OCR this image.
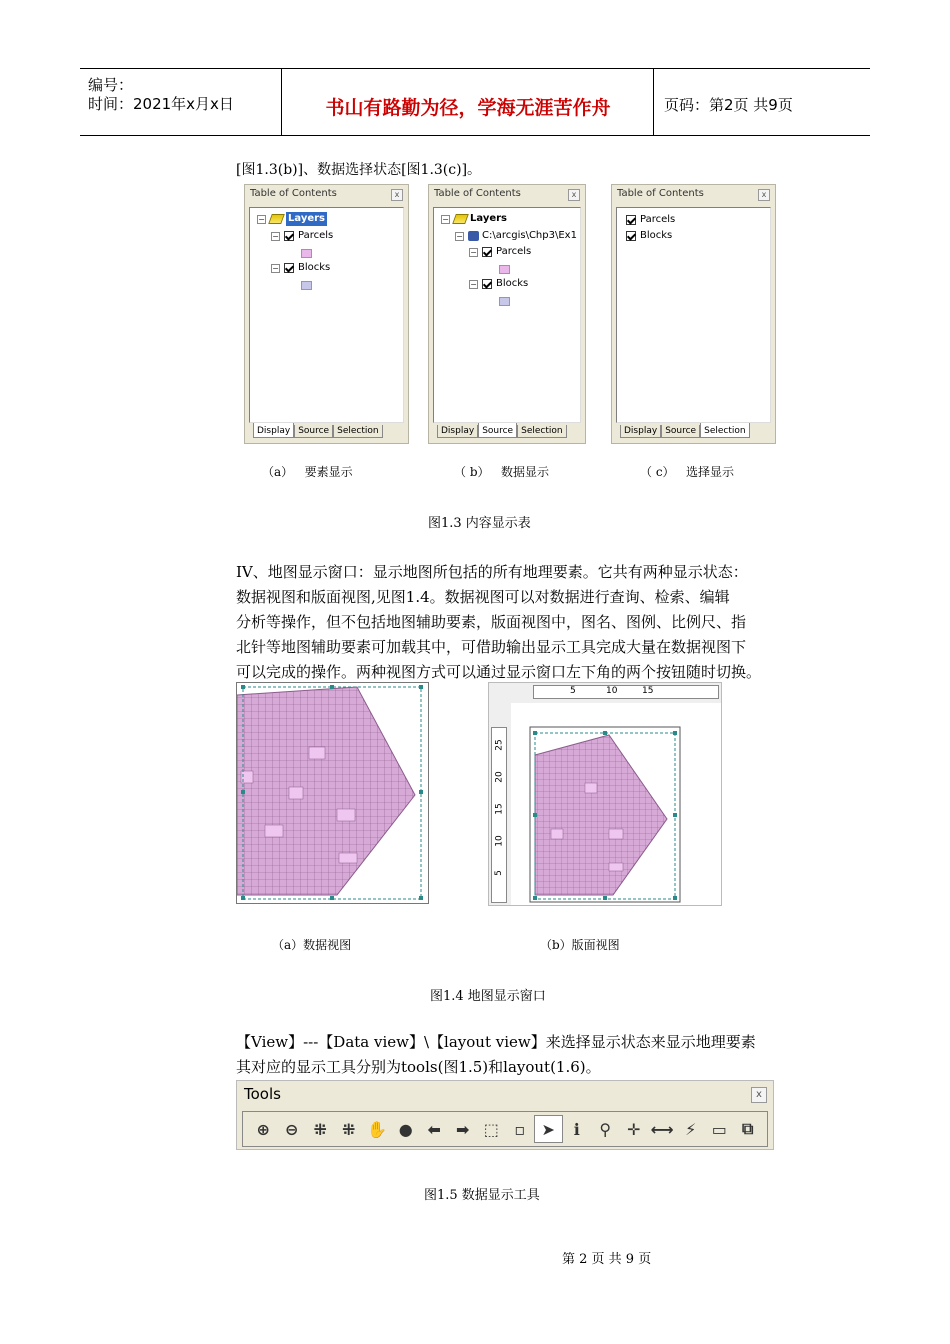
编号：
时间：2021年x月x日	书山有路勤为径，学海无涯苦作舟	页码：第2页 共9页
[图1.3(b)]、数据选择状态[图1.3(c)]。
Table of Contents	x
− Layers
− Parcels
− Blocks
Display Source Selection
Table of Contents	x
− Layers
− C:\arcgis\Chp3\Ex1
− Parcels
− Blocks
Display Source Selection
Table of Contents	x
Parcels
Blocks
Display Source Selection
（a） 要素显示	（ b） 数据显示	（ c） 选择显示
图1.3 内容显示表
IV、地图显示窗口：显示地图所包括的所有地理要素。它共有两种显示状态：
数据视图和版面视图,见图1.4。数据视图可以对数据进行查询、检索、编辑
分析等操作，但不包括地图辅助要素，版面视图中，图名、图例、比例尺、指
北针等地图辅助要素可加载其中，可借助输出显示工具完成大量在数据视图下
可以完成的操作。两种视图方式可以通过显示窗口左下角的两个按钮随时切换。
5	10	15
25
20
15
10
5
（a）数据视图	（b）版面视图
图1.4 地图显示窗口
【View】---【Data view】\【layout view】来选择显示状态来显示地理要素
其对应的显示工具分别为tools(图1.5)和layout(1.6)。
Tools	x
⊕ ⊖ ⁜ ⁜ ✋ ● ⬅ ➡ ⬚ ▫	➤	ℹ	⚲ ✛ ⟷ ⚡ ▭ ⧉
图1.5 数据显示工具
第 2 页 共 9 页
